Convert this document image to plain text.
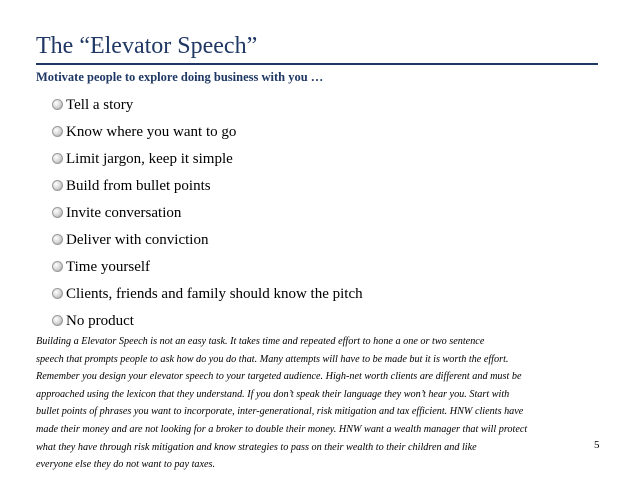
The “Elevator Speech”
Motivate people to explore doing business with you …
Tell a story
Know where you want to go
Limit jargon, keep it simple
Build from bullet points
Invite conversation
Deliver with conviction
Time yourself
Clients, friends and family should know the pitch
No product
Building a Elevator Speech is not an easy task. It takes time and repeated effort to hone a one or two sentence
speech that prompts people to ask how do you do that. Many attempts will have to be made but it is worth the effort.
Remember you design your elevator speech to your targeted audience. High-net worth clients are different and must be
approached using the lexicon that they understand. If you don’t speak their language they won’t hear you. Start with
bullet points of phrases you want to incorporate, inter-generational, risk mitigation and tax efficient. HNW clients have
made their money and are not looking for a broker to double their money. HNW want a wealth manager that will protect
what they have through risk mitigation and know strategies to pass on their wealth to their children and like
everyone else they do not want to pay taxes.
5
